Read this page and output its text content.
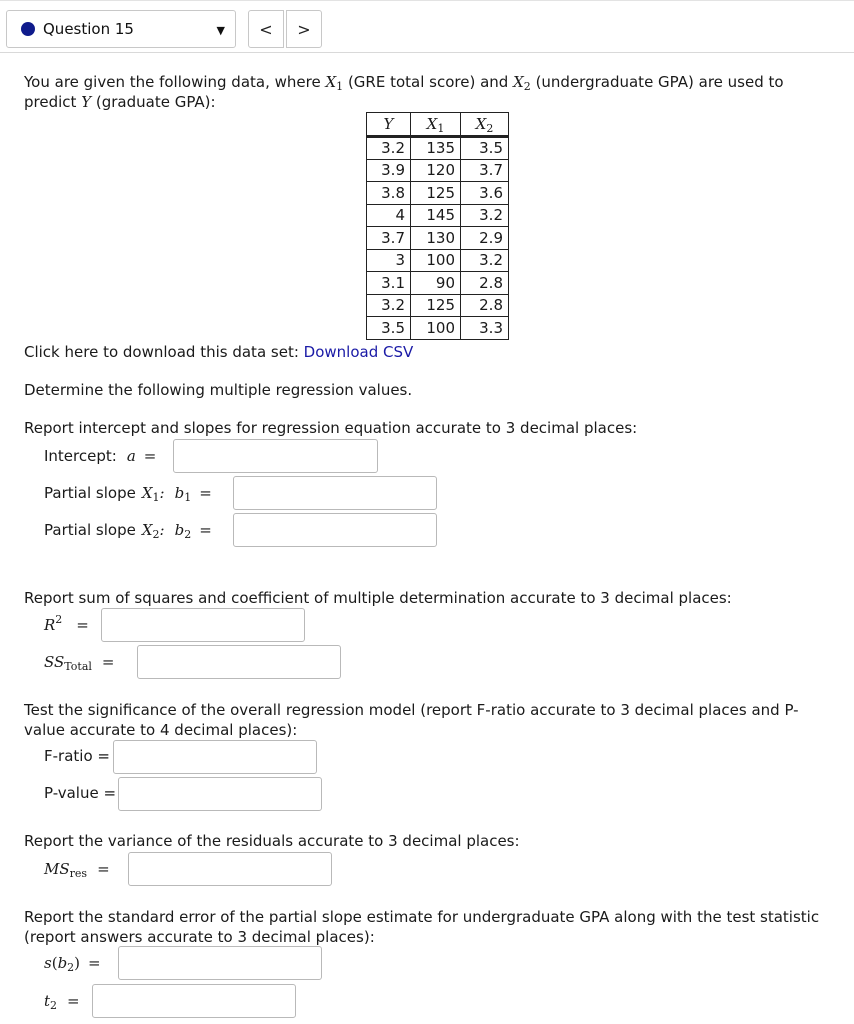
Question 15	▼ < >
You are given the following data, where $X_1$ (GRE total score) and $X_2$ (undergraduate GPA) are used to
predict Y (graduate GPA):
Y	$X_1$	$X_2$
3.2	135	3.5
3.9	120	3.7
3.8	125	3.6
4	145	3.2
3.7	130	2.9
3	100	3.2
3.1	90	2.8
3.2	125	2.8
3.5	100	3.3
Click here to download this data set: Download CSV
Determine the following multiple regression values.
Report intercept and slopes for regression equation accurate to 3 decimal places:
Intercept: a =
Partial slope $X_1$: $b_1$ =
Partial slope $X_2$: $b_2$ =
Report sum of squares and coefficient of multiple determination accurate to 3 decimal places:
$R^2$ =
$SS_{Total}$ =
Test the significance of the overall regression model (report F-ratio accurate to 3 decimal places and P-
value accurate to 4 decimal places):
F-ratio =
P-value =
Report the variance of the residuals accurate to 3 decimal places:
$MS_{res}$ =
Report the standard error of the partial slope estimate for undergraduate GPA along with the test statistic
(report answers accurate to 3 decimal places):
$s(b_2)$ =
$t_2$ =
